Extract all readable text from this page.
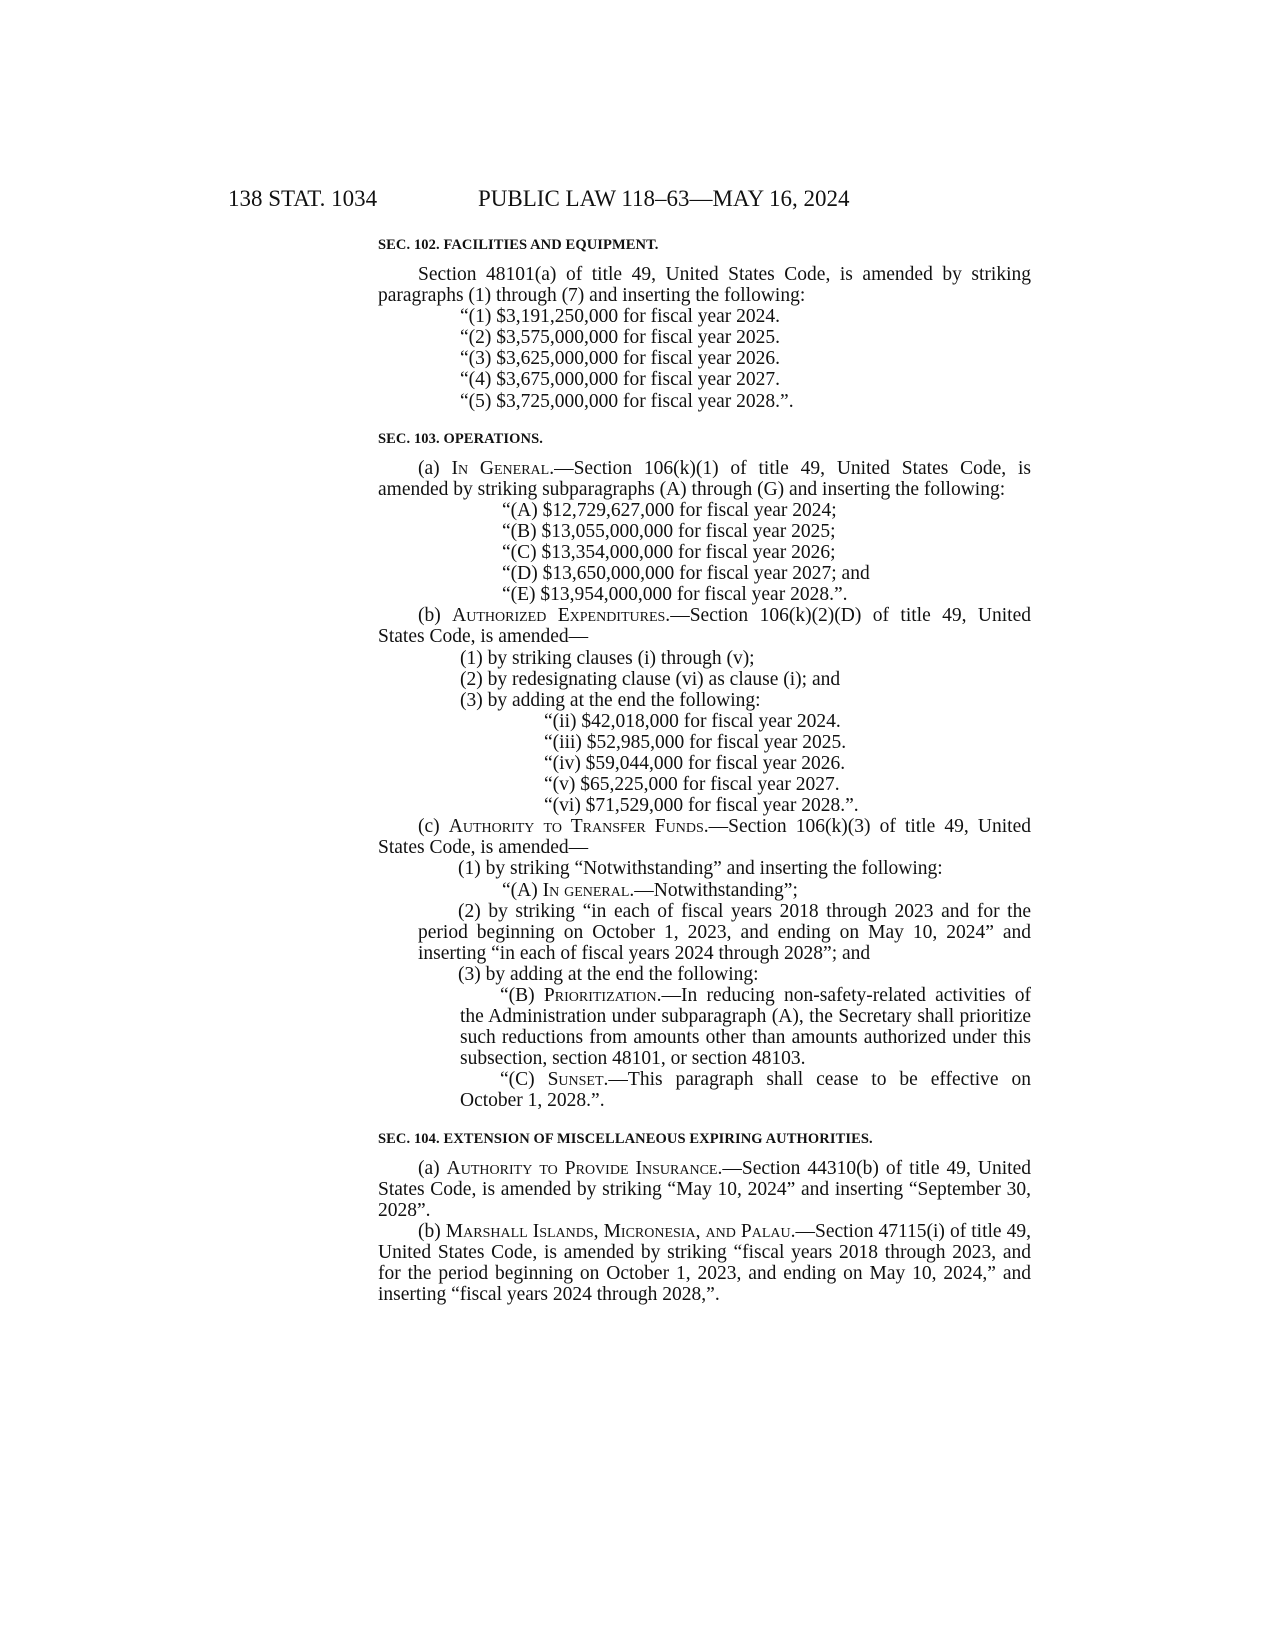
138 STAT. 1034	PUBLIC LAW 118–63—MAY 16, 2024
SEC. 102. FACILITIES AND EQUIPMENT.

Section 48101(a) of title 49, United States Code, is amended by striking paragraphs (1) through (7) and inserting the following:

“(1) $3,191,250,000 for fiscal year 2024.

“(2) $3,575,000,000 for fiscal year 2025.

“(3) $3,625,000,000 for fiscal year 2026.

“(4) $3,675,000,000 for fiscal year 2027.

“(5) $3,725,000,000 for fiscal year 2028.”.

SEC. 103. OPERATIONS.

(a) In General.—Section 106(k)(1) of title 49, United States Code, is amended by striking subparagraphs (A) through (G) and inserting the following:

“(A) $12,729,627,000 for fiscal year 2024;

“(B) $13,055,000,000 for fiscal year 2025;

“(C) $13,354,000,000 for fiscal year 2026;

“(D) $13,650,000,000 for fiscal year 2027; and

“(E) $13,954,000,000 for fiscal year 2028.”.

(b) Authorized Expenditures.—Section 106(k)(2)(D) of title 49, United States Code, is amended—

(1) by striking clauses (i) through (v);

(2) by redesignating clause (vi) as clause (i); and

(3) by adding at the end the following:

“(ii) $42,018,000 for fiscal year 2024.

“(iii) $52,985,000 for fiscal year 2025.

“(iv) $59,044,000 for fiscal year 2026.

“(v) $65,225,000 for fiscal year 2027.

“(vi) $71,529,000 for fiscal year 2028.”.

(c) Authority to Transfer Funds.—Section 106(k)(3) of title 49, United States Code, is amended—

(1) by striking “Notwithstanding” and inserting the following:

“(A) In general.—Notwithstanding”;

(2) by striking “in each of fiscal years 2018 through 2023 and for the period beginning on October 1, 2023, and ending on May 10, 2024” and inserting “in each of fiscal years 2024 through 2028”; and

(3) by adding at the end the following:

“(B) Prioritization.—In reducing non-safety-related activities of the Administration under subparagraph (A), the Secretary shall prioritize such reductions from amounts other than amounts authorized under this subsection, section 48101, or section 48103.

“(C) Sunset.—This paragraph shall cease to be effective on October 1, 2028.”.

SEC. 104. EXTENSION OF MISCELLANEOUS EXPIRING AUTHORITIES.

(a) Authority to Provide Insurance.—Section 44310(b) of title 49, United States Code, is amended by striking “May 10, 2024” and inserting “September 30, 2028”.

(b) Marshall Islands, Micronesia, and Palau.—Section 47115(i) of title 49, United States Code, is amended by striking “fiscal years 2018 through 2023, and for the period beginning on October 1, 2023, and ending on May 10, 2024,” and inserting “fiscal years 2024 through 2028,”.
